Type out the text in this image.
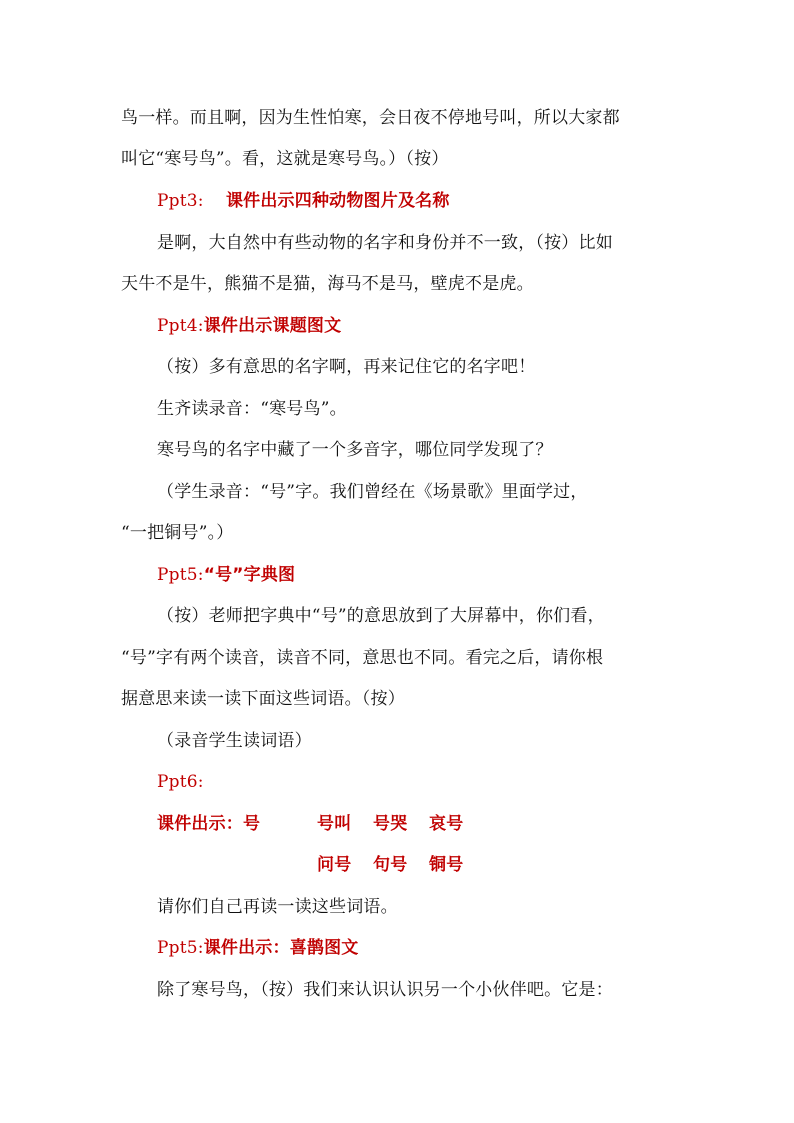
鸟一样。而且啊，因为生性怕寒，会日夜不停地号叫，所以大家都
叫它“寒号鸟”。看，这就是寒号鸟。）（按）
Ppt3: 课件出示四种动物图片及名称
是啊，大自然中有些动物的名字和身份并不一致，（按）比如
天牛不是牛，熊猫不是猫，海马不是马，壁虎不是虎。
Ppt4:课件出示课题图文
（按）多有意思的名字啊，再来记住它的名字吧！
生齐读录音：“寒号鸟”。
寒号鸟的名字中藏了一个多音字，哪位同学发现了？
（学生录音：“号”字。我们曾经在《场景歌》里面学过，
“一把铜号”。）
Ppt5:“号”字典图
（按）老师把字典中“号”的意思放到了大屏幕中，你们看，
“号”字有两个读音，读音不同，意思也不同。看完之后，请你根
据意思来读一读下面这些词语。（按）
（录音学生读词语）
Ppt6:
课件出示：号	号叫 号哭 哀号
问号 句号 铜号
请你们自己再读一读这些词语。
Ppt5:课件出示：喜鹊图文
除了寒号鸟，（按）我们来认识认识另一个小伙伴吧。它是：
